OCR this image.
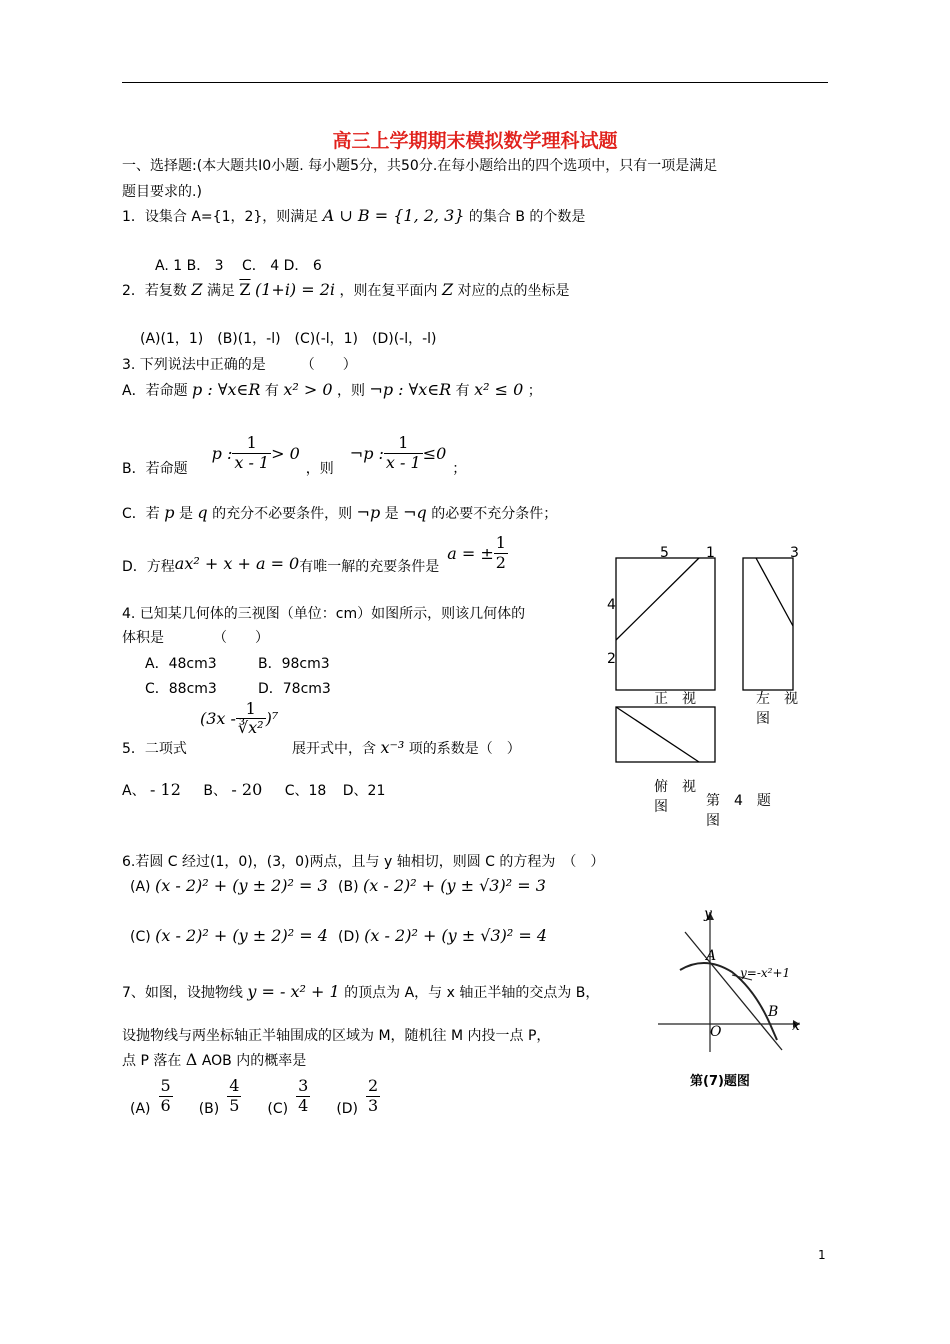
高三上学期期末模拟数学理科试题
一、选择题:(本大题共I0小题. 每小题5分，共50分.在每小题给出的四个选项中，只有一项是满足
题目要求的.)
1．设集合 A={1，2}，则满足 A ∪ B = {1, 2, 3} 的集合 B 的个数是
A. 1 B． 3　 C． 4 D． 6
2．若复数 Z 满足 $\overline{Z}$ (1+i) = 2i ，则在复平面内 Z 对应的点的坐标是
(A)(1，1)　(B)(1，-l)　(C)(-l，1)　(D)(-l，-l)
3. 下列说法中正确的是　　　（　　）
A．若命题 p : ∀x∈R 有 x² > 0 ，则 ¬p : ∀x∈R 有 x² ≤ 0 ；
B．若命题
p : $\frac{1}{x - 1} > 0$
，则
¬p : $\frac{1}{x - 1} \le 0$
；
C．若 p 是 q 的充分不必要条件，则 ¬p 是 ¬q 的必要不充分条件；
D．方程 ax² + x + a = 0 有唯一解的充要条件是
a = ± $\frac{1}{2}$
4. 已知某几何体的三视图（单位：cm）如图所示，则该几何体的
体积是　　　　（　　）
A．48cm3	B．98cm3
C．88cm3	D．78cm3
5．二项式
$(3x - \frac{1}{\text{∛x²}} )^7$
展开式中，含 x⁻³ 项的系数是（　）
A、 - 12 B、 - 20 C、18 D、21
6.若圆 C 经过(1，0)，(3，0)两点，且与 y 轴相切，则圆 C 的方程为　（　）
(A) (x - 2)² + (y ± 2)² = 3 (B) (x - 2)² + (y ± √3)² = 3
(C) (x - 2)² + (y ± 2)² = 4 (D) (x - 2)² + (y ± √3)² = 4
7、如图，设抛物线 y = - x² + 1 的顶点为 A，与 x 轴正半轴的交点为 B，
设抛物线与两坐标轴正半轴围成的区域为 M，随机往 M 内投一点 P，
点 P 落在 Δ AOB 内的概率是
$(A) \frac{5}{6} (B) \frac{4}{5} (C) \frac{3}{4} (D) \frac{2}{3}$
5	1	3
4
2
正　视	左　视
图
俯　视
图	第　4　题
图
y
x
A
B
O
y=-x²+1
第(7)题图
1
